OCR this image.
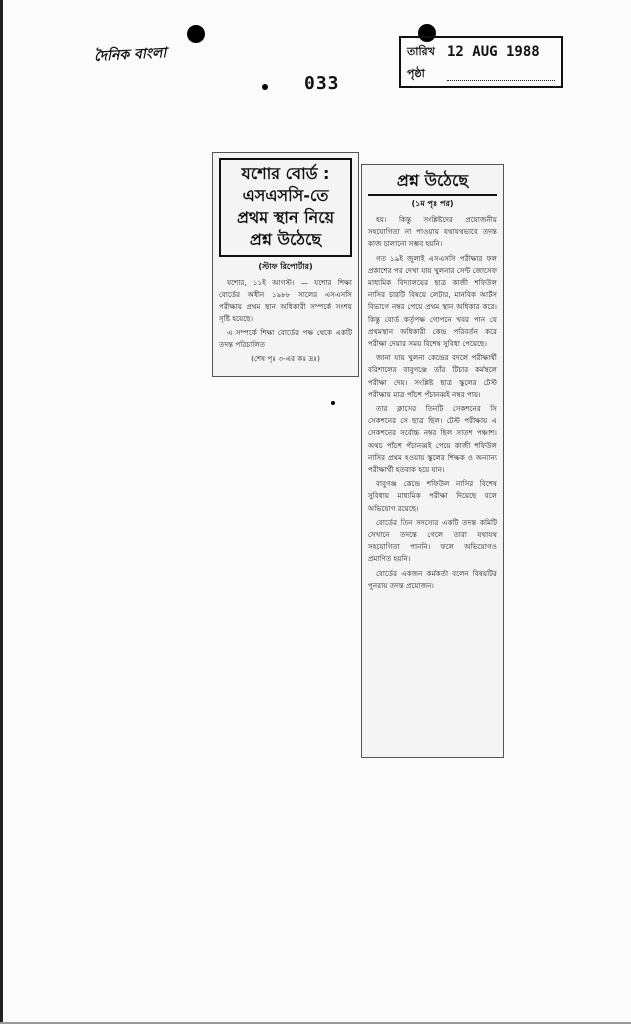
দৈনিক বাংলা
033
তারিখ 12 AUG 1988
পৃষ্ঠা
যশোর বোর্ড :
এসএসসি-তে
প্রথম স্থান নিয়ে
প্রশ্ন উঠেছে
(স্টাফ রিপোর্টার)

যশোর, ১১ই আগস্ট। — যশোর শিক্ষা বোর্ডের অধীন ১৯৮৮ সালের এসএসসি পরীক্ষায় প্রথম স্থান অধিকারী সম্পর্কে সংশয় সৃষ্টি হয়েছে।

এ সম্পর্কে শিক্ষা বোর্ডের পক্ষ থেকে একটি তদন্ত পরিচালিত

(শেষ পৃঃ ৩-এর কঃ দ্রঃ)
প্রশ্ন উঠেছে
(১ম পৃঃ পর)

হয়। কিন্তু সংশ্লিষ্টদের প্রয়োজনীয় সহযোগিতা না পাওয়ায় যথাযথভাবে তদন্ত কাজ চালানো সম্ভব হয়নি।

গত ১৯ই জুলাই এসএসসি পরীক্ষার ফল প্রকাশের পর দেখা যায় খুলনার সেন্ট জোসেফ মাধ্যমিক বিদ্যালয়ের ছাত্র কাজী শফিউল নাসির চারটি বিষয়ে লেটার, মানবিক আর্টস বিভাগে নম্বর পেয়ে প্রথম স্থান অধিকার করে। কিন্তু বোর্ড কর্তৃপক্ষ গোপনে খবর পান যে প্রথমস্থান অধিকারী কেন্দ্র পরিবর্তন করে পরীক্ষা দেয়ার সময় বিশেষ সুবিধা পেয়েছে।

জানা যায় খুলনা কেন্দ্রের বদলে পরীক্ষার্থী বরিশালের বাবুগঞ্জে তাঁর টিচার কর্মস্থলে পরীক্ষা দেয়। সংশ্লিষ্ট ছাত্র স্কুলের টেস্ট পরীক্ষায় মাত্র পাঁচশ পঁচানব্বই নম্বর পায়।

তার ক্লাসের তিনটি সেকশনের সি সেকশনের সে ছাত্র ছিল। টেস্ট পরীক্ষায় এ সেকশনের সর্বোচ্চ নম্বর ছিল সাতশ পঞ্চাশ। অথচ পাঁচশ পঁচানব্বই পেয়ে কাজী শফিউল নাসির প্রথম হওয়ায় স্কুলের শিক্ষক ও অন্যান্য পরীক্ষার্থী হতবাক হয়ে যান।

বাবুগঞ্জ কেন্দ্রে শফিউল নাসির বিশেষ সুবিধায় মাধ্যমিক পরীক্ষা দিয়েছে বলে অভিযোগ রয়েছে।

বোর্ডের তিন সদস্যের একটি তদন্ত কমিটি সেখানে তদন্তে গেলে তারা যথাযথ সহযোগিতা পাননি। ফলে অভিযোগও প্রমাণিত হয়নি।

বোর্ডের একজন কর্মকর্তা বলেন বিষয়টির পুনরায় তদন্ত প্রয়োজন।
